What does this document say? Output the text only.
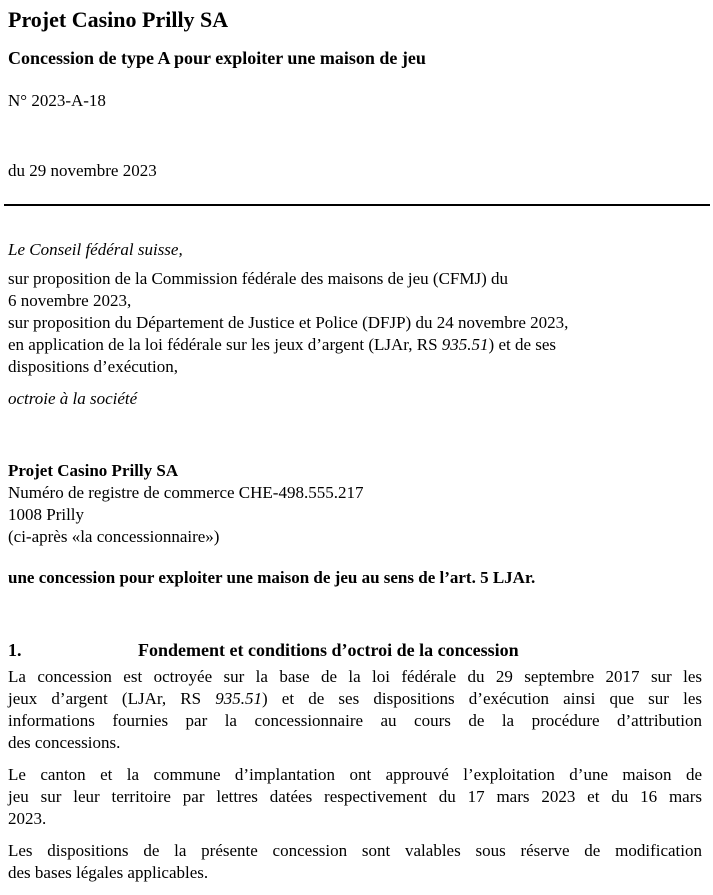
Projet Casino Prilly SA
Concession de type A pour exploiter une maison de jeu

N° 2023-A-18

du 29 novembre 2023

Le Conseil fédéral suisse,

sur proposition de la Commission fédérale des maisons de jeu (CFMJ) du
6 novembre 2023,
sur proposition du Département de Justice et Police (DFJP) du 24 novembre 2023,
en application de la loi fédérale sur les jeux d’argent (LJAr, RS 935.51) et de ses
dispositions d’exécution,

octroie à la société

Projet Casino Prilly SA
Numéro de registre de commerce CHE-498.555.217
1008 Prilly
(ci-après «la concessionnaire»)

une concession pour exploiter une maison de jeu au sens de l’art. 5 LJAr.

1.	Fondement et conditions d’octroi de la concession
La concession est octroyée sur la base de la loi fédérale du 29 septembre 2017 sur les
jeux d’argent (LJAr, RS 935.51) et de ses dispositions d’exécution ainsi que sur les
informations fournies par la concessionnaire au cours de la procédure d’attribution
des concessions.
Le canton et la commune d’implantation ont approuvé l’exploitation d’une maison de
jeu sur leur territoire par lettres datées respectivement du 17 mars 2023 et du 16 mars
2023.
Les dispositions de la présente concession sont valables sous réserve de modification
des bases légales applicables.
